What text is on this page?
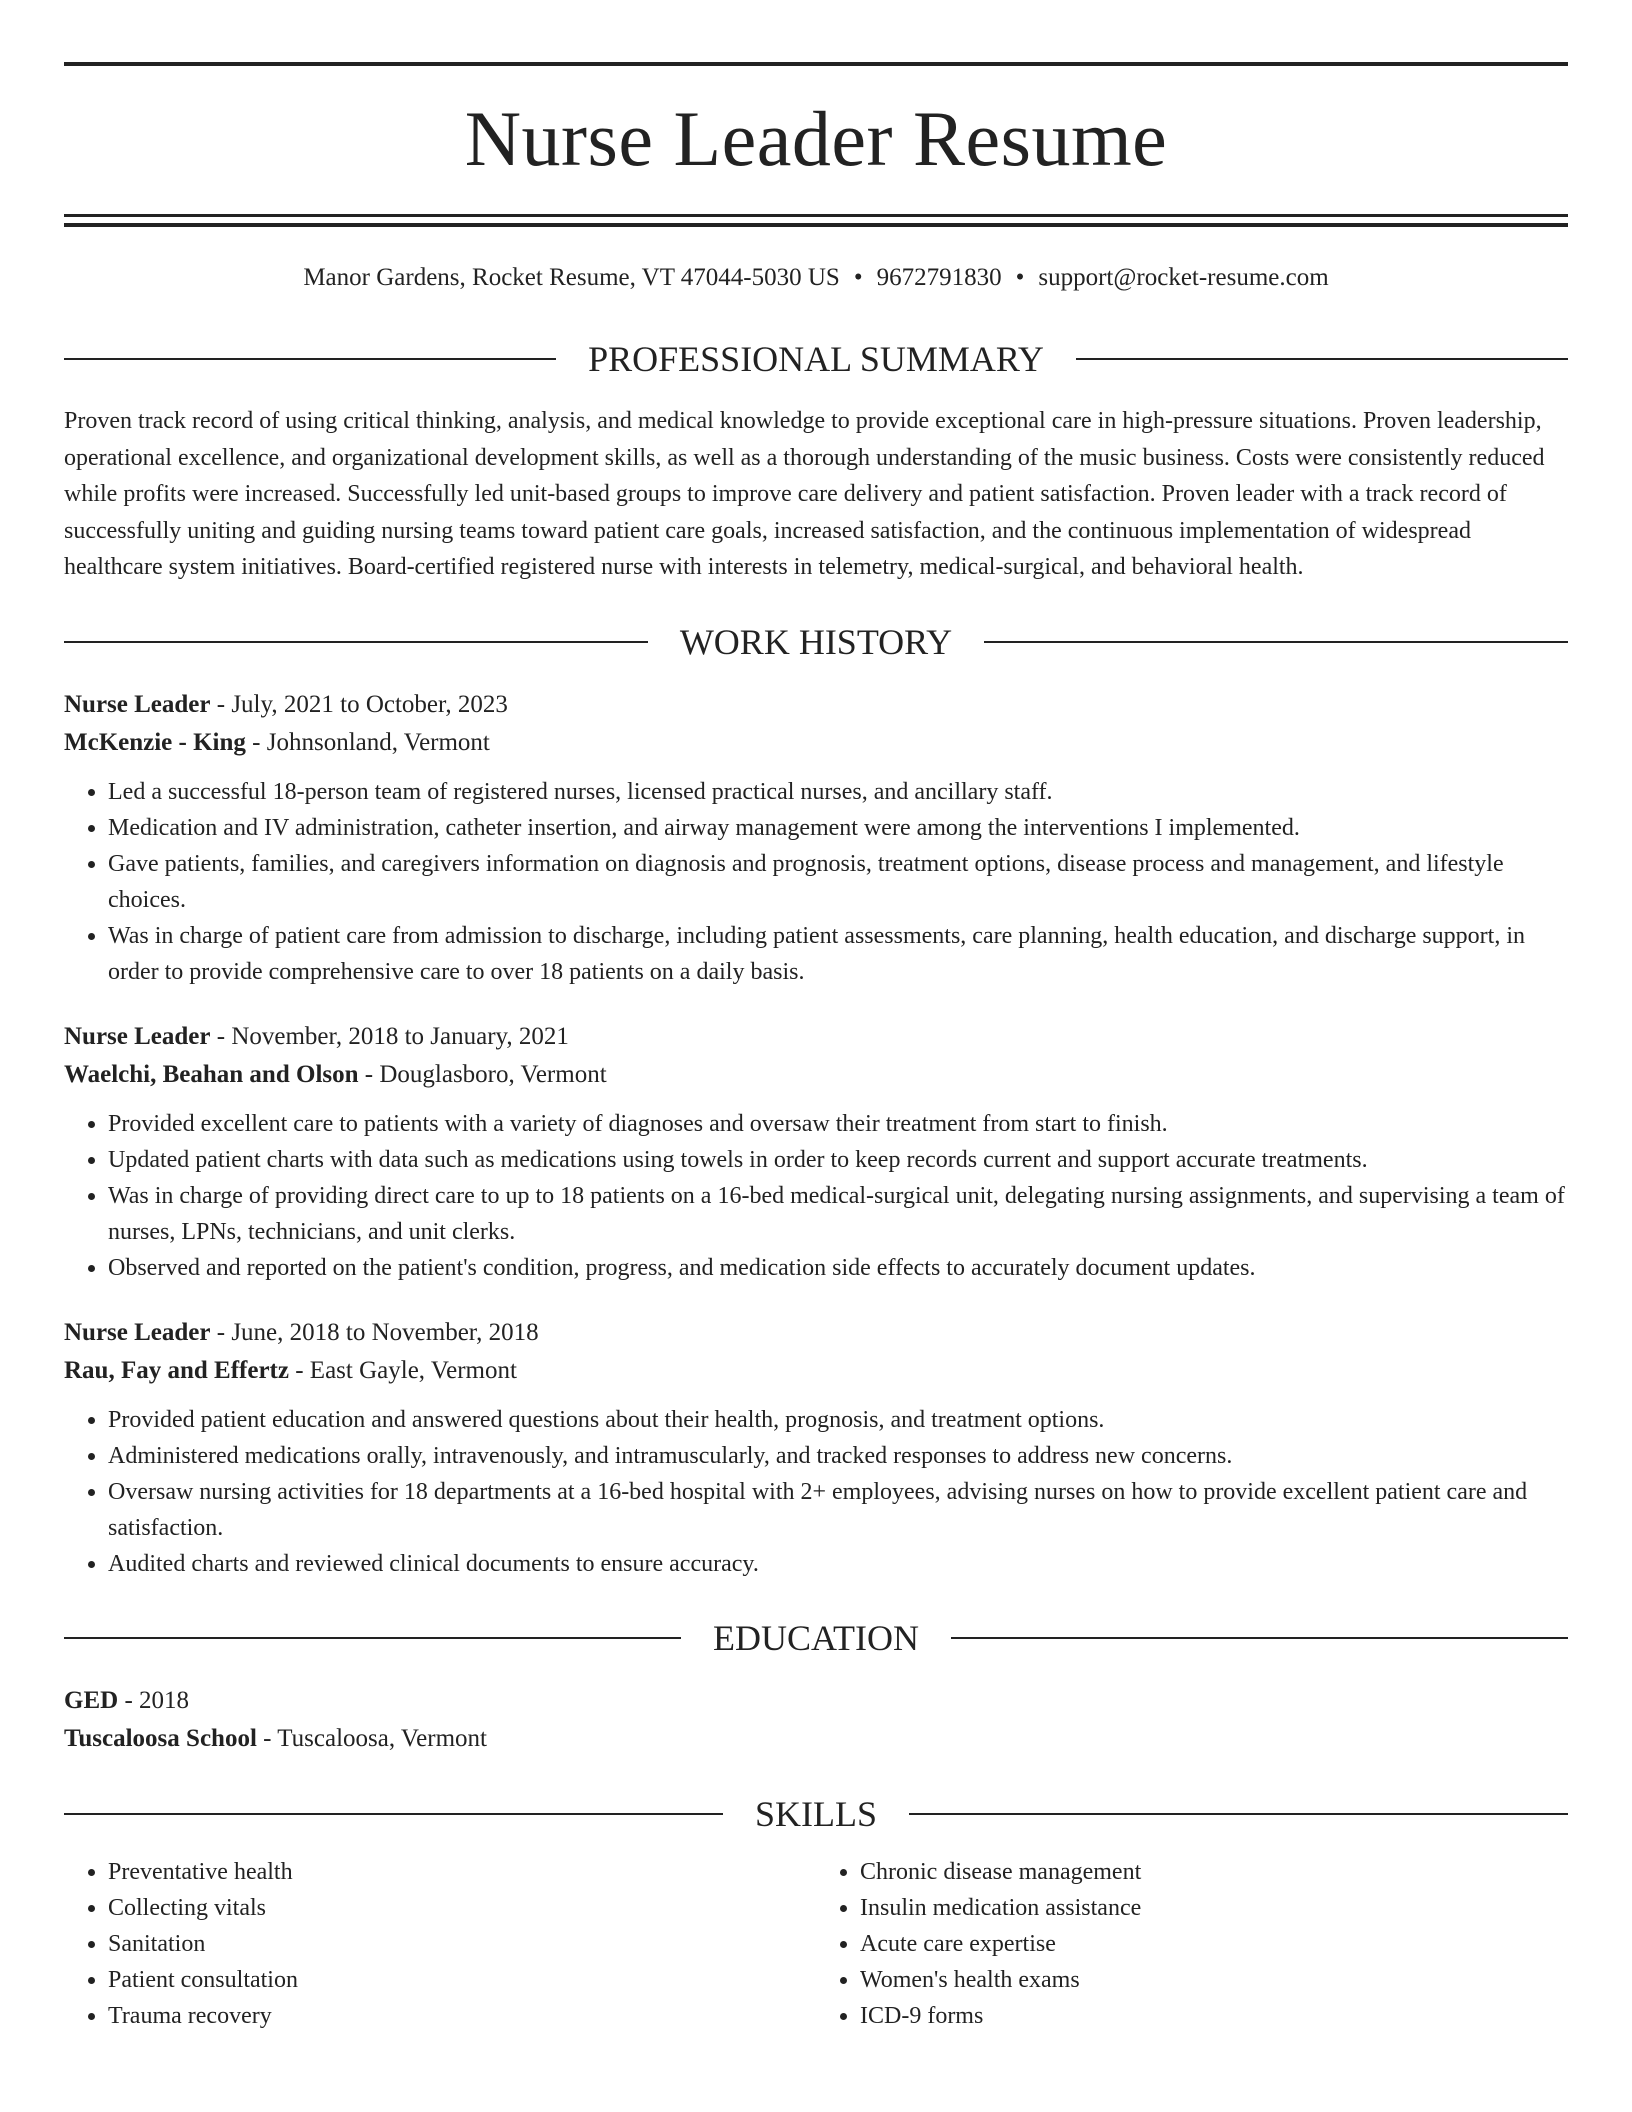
Nurse Leader Resume
Manor Gardens, Rocket Resume, VT 47044-5030 US • 9672791830 • support@rocket-resume.com
PROFESSIONAL SUMMARY

Proven track record of using critical thinking, analysis, and medical knowledge to provide exceptional care in high-pressure situations. Proven leadership, operational excellence, and organizational development skills, as well as a thorough understanding of the music business. Costs were consistently reduced while profits were increased. Successfully led unit-based groups to improve care delivery and patient satisfaction. Proven leader with a track record of successfully uniting and guiding nursing teams toward patient care goals, increased satisfaction, and the continuous implementation of widespread healthcare system initiatives. Board-certified registered nurse with interests in telemetry, medical-surgical, and behavioral health.

WORK HISTORY
Nurse Leader - July, 2021 to October, 2023
McKenzie - King - Johnsonland, Vermont
• Led a successful 18-person team of registered nurses, licensed practical nurses, and ancillary staff.
• Medication and IV administration, catheter insertion, and airway management were among the interventions I implemented.
• Gave patients, families, and caregivers information on diagnosis and prognosis, treatment options, disease process and management, and lifestyle choices.
• Was in charge of patient care from admission to discharge, including patient assessments, care planning, health education, and discharge support, in order to provide comprehensive care to over 18 patients on a daily basis.
Nurse Leader - November, 2018 to January, 2021
Waelchi, Beahan and Olson - Douglasboro, Vermont
• Provided excellent care to patients with a variety of diagnoses and oversaw their treatment from start to finish.
• Updated patient charts with data such as medications using towels in order to keep records current and support accurate treatments.
• Was in charge of providing direct care to up to 18 patients on a 16-bed medical-surgical unit, delegating nursing assignments, and supervising a team of nurses, LPNs, technicians, and unit clerks.
• Observed and reported on the patient's condition, progress, and medication side effects to accurately document updates.
Nurse Leader - June, 2018 to November, 2018
Rau, Fay and Effertz - East Gayle, Vermont
• Provided patient education and answered questions about their health, prognosis, and treatment options.
• Administered medications orally, intravenously, and intramuscularly, and tracked responses to address new concerns.
• Oversaw nursing activities for 18 departments at a 16-bed hospital with 2+ employees, advising nurses on how to provide excellent patient care and satisfaction.
• Audited charts and reviewed clinical documents to ensure accuracy.
EDUCATION
GED - 2018
Tuscaloosa School - Tuscaloosa, Vermont
SKILLS
• Preventative health
• Collecting vitals
• Sanitation
• Patient consultation
• Trauma recovery
• Chronic disease management
• Insulin medication assistance
• Acute care expertise
• Women's health exams
• ICD-9 forms
